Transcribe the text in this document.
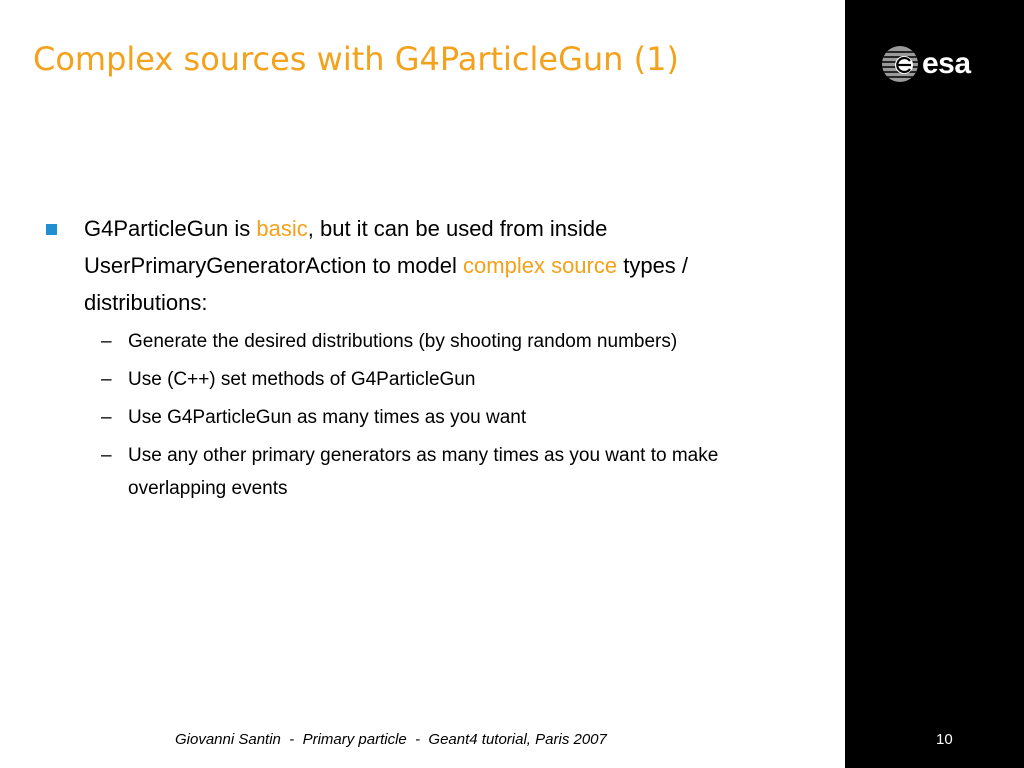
esa
Complex sources with G4ParticleGun (1)
G4ParticleGun is basic, but it can be used from inside UserPrimaryGeneratorAction to model complex source types / distributions:
– Generate the desired distributions (by shooting random numbers)
– Use (C++) set methods of G4ParticleGun
– Use G4ParticleGun as many times as you want
– Use any other primary generators as many times as you want to make overlapping events
Giovanni Santin  -  Primary particle  -  Geant4 tutorial, Paris 2007	10
